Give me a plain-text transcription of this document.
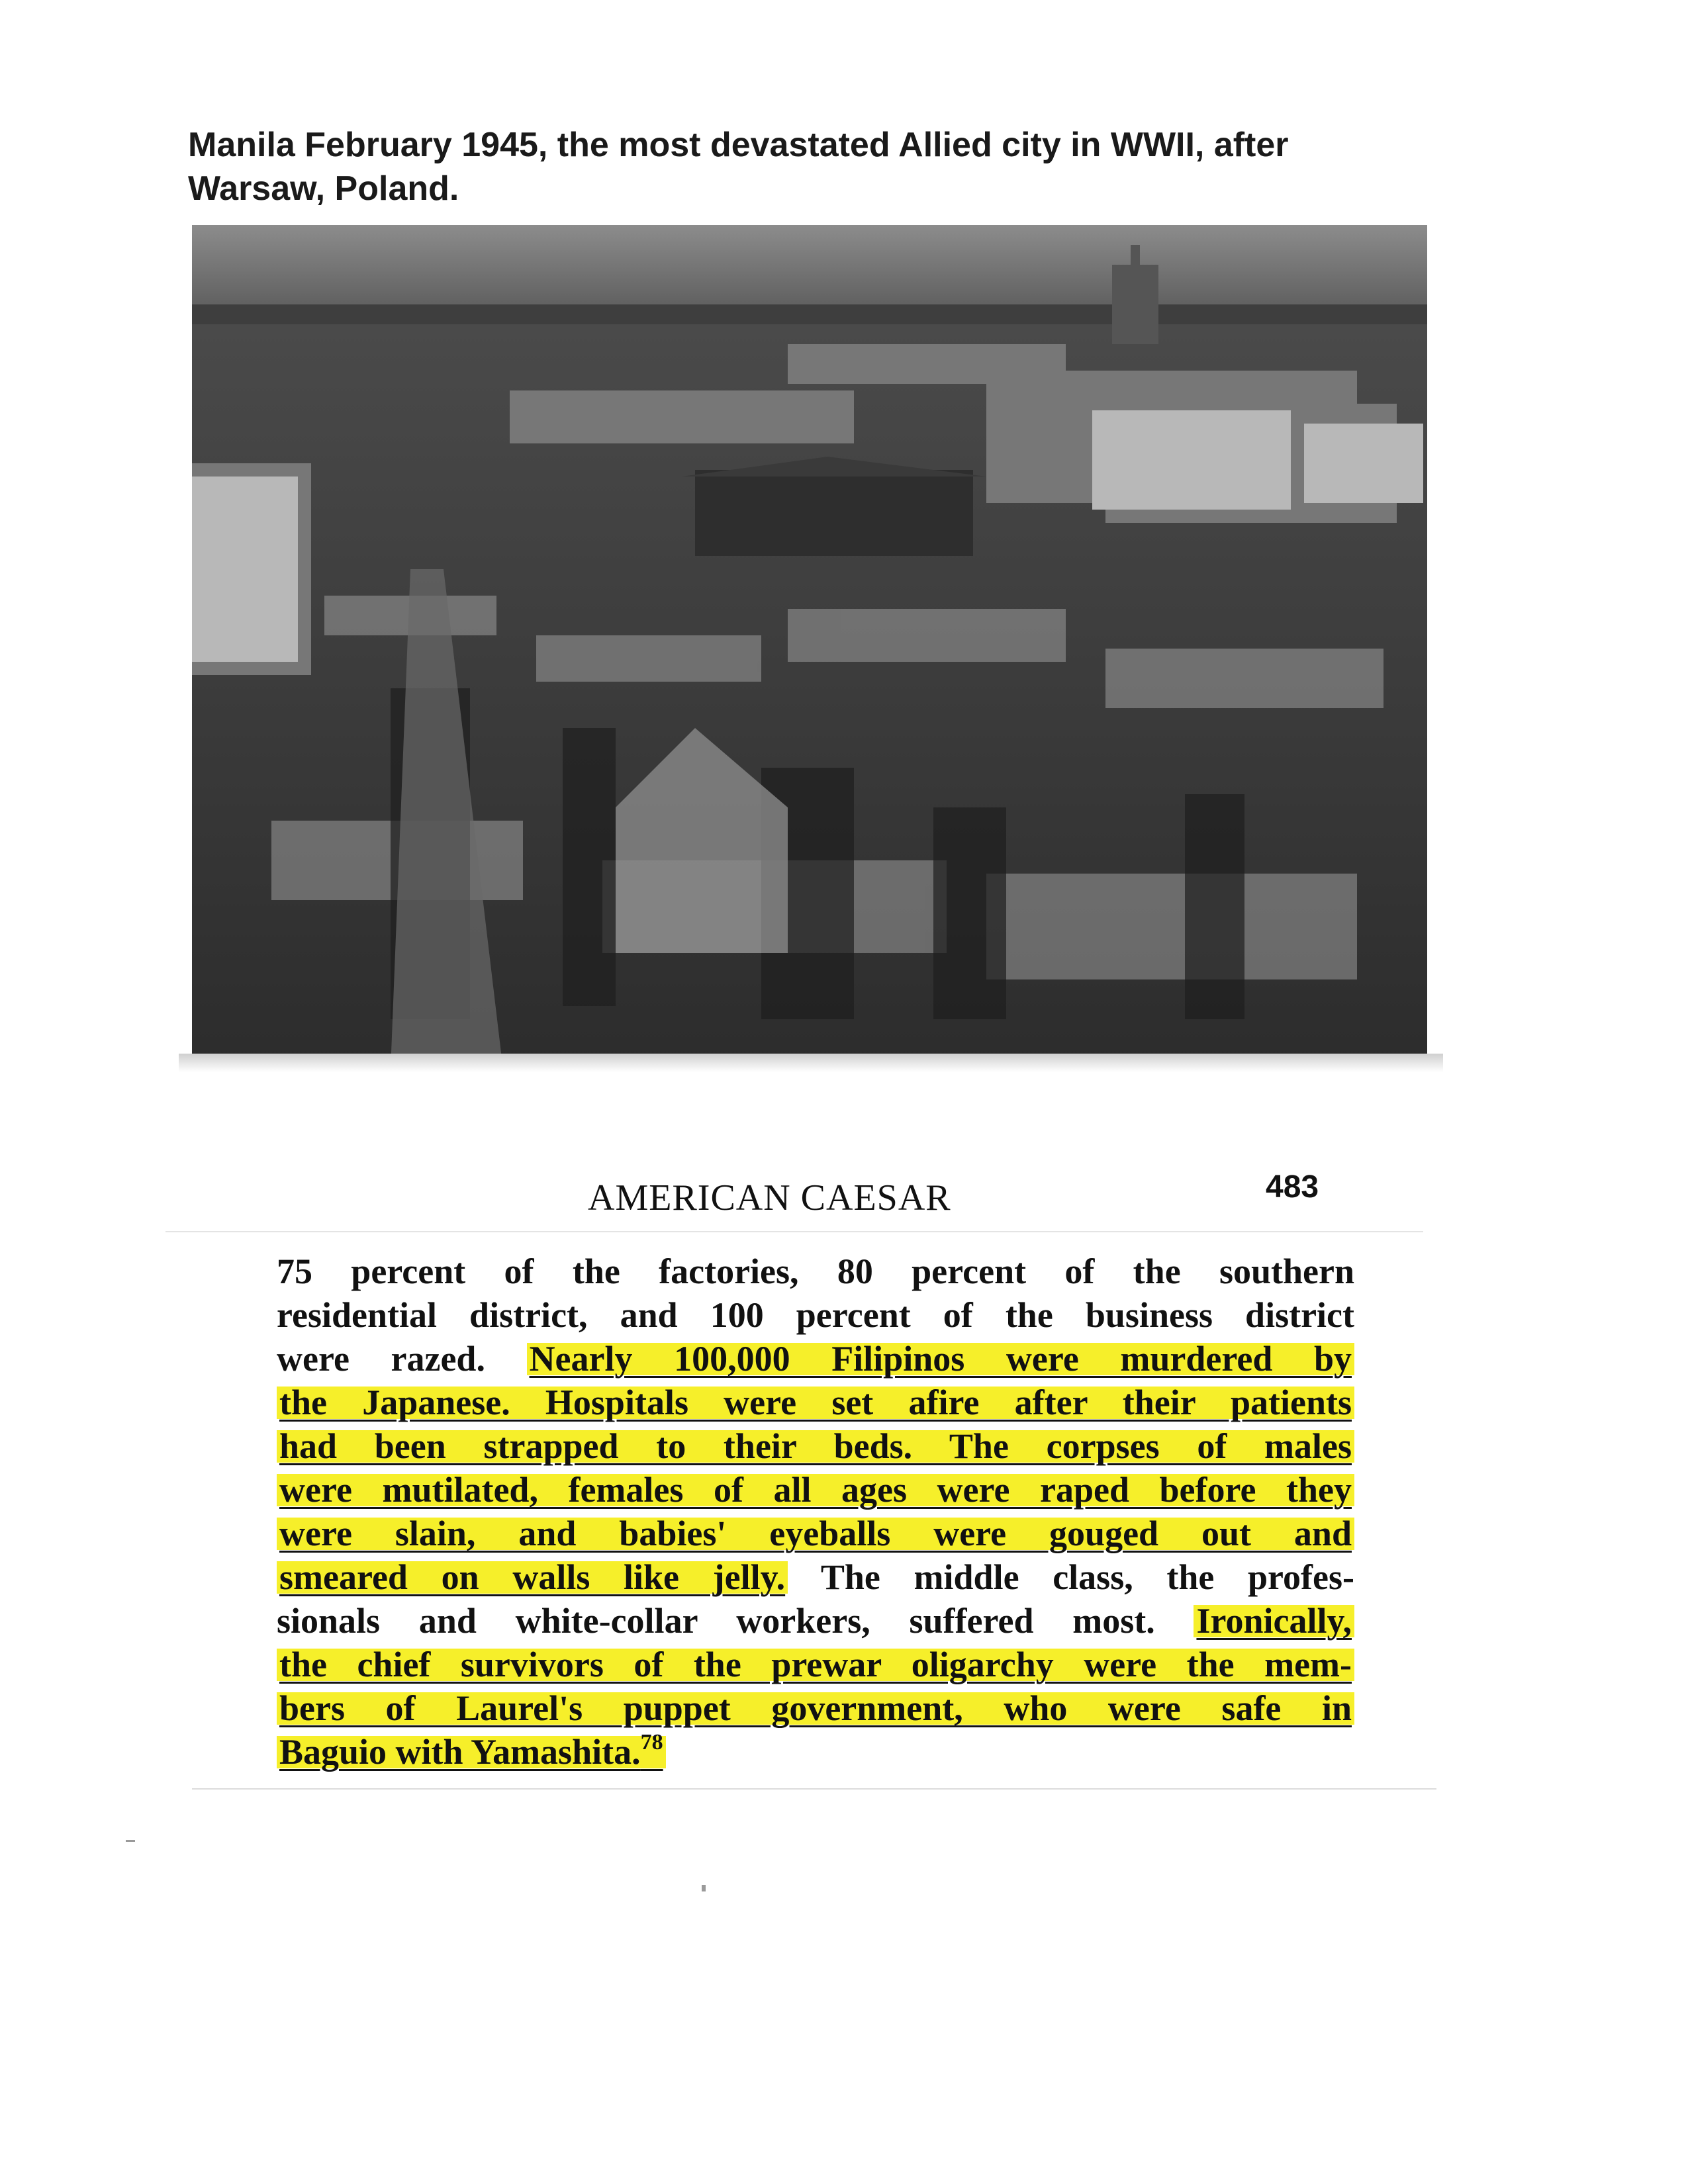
Manila February 1945, the most devastated Allied city in WWII, after
Warsaw, Poland.
AMERICAN CAESAR	483
75 percent of the factories, 80 percent of the southern
residential district, and 100 percent of the business district
were razed. Nearly 100,000 Filipinos were murdered by
the Japanese. Hospitals were set afire after their patients
had been strapped to their beds. The corpses of males
were mutilated, females of all ages were raped before they
were slain, and babies' eyeballs were gouged out and
smeared on walls like jelly. The middle class, the profes-
sionals and white-collar workers, suffered most. Ironically,
the chief survivors of the prewar oligarchy were the mem-
bers of Laurel's puppet government, who were safe in
Baguio with Yamashita.$^{78}$
